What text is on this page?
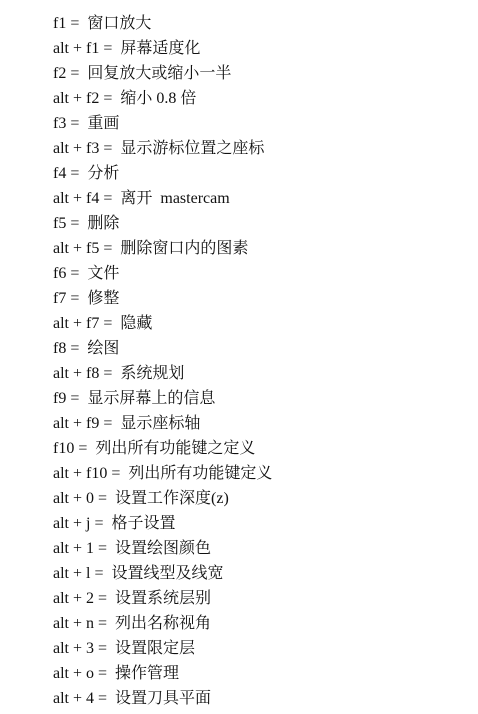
f1 =  窗口放大
alt + f1 =  屏幕适度化
f2 =  回复放大或缩小一半
alt + f2 =  缩小 0.8 倍
f3 =  重画
alt + f3 =  显示游标位置之座标
f4 =  分析
alt + f4 =  离开  mastercam
f5 =  删除
alt + f5 =  删除窗口内的图素
f6 =  文件
f7 =  修整
alt + f7 =  隐藏
f8 =  绘图
alt + f8 =  系统规划
f9 =  显示屏幕上的信息
alt + f9 =  显示座标轴
f10 =  列出所有功能键之定义
alt + f10 =  列出所有功能键定义
alt + 0 =  设置工作深度(z)
alt + j =  格子设置
alt + 1 =  设置绘图颜色
alt + l =  设置线型及线宽
alt + 2 =  设置系统层别
alt + n =  列出名称视角
alt + 3 =  设置限定层
alt + o =  操作管理
alt + 4 =  设置刀具平面
